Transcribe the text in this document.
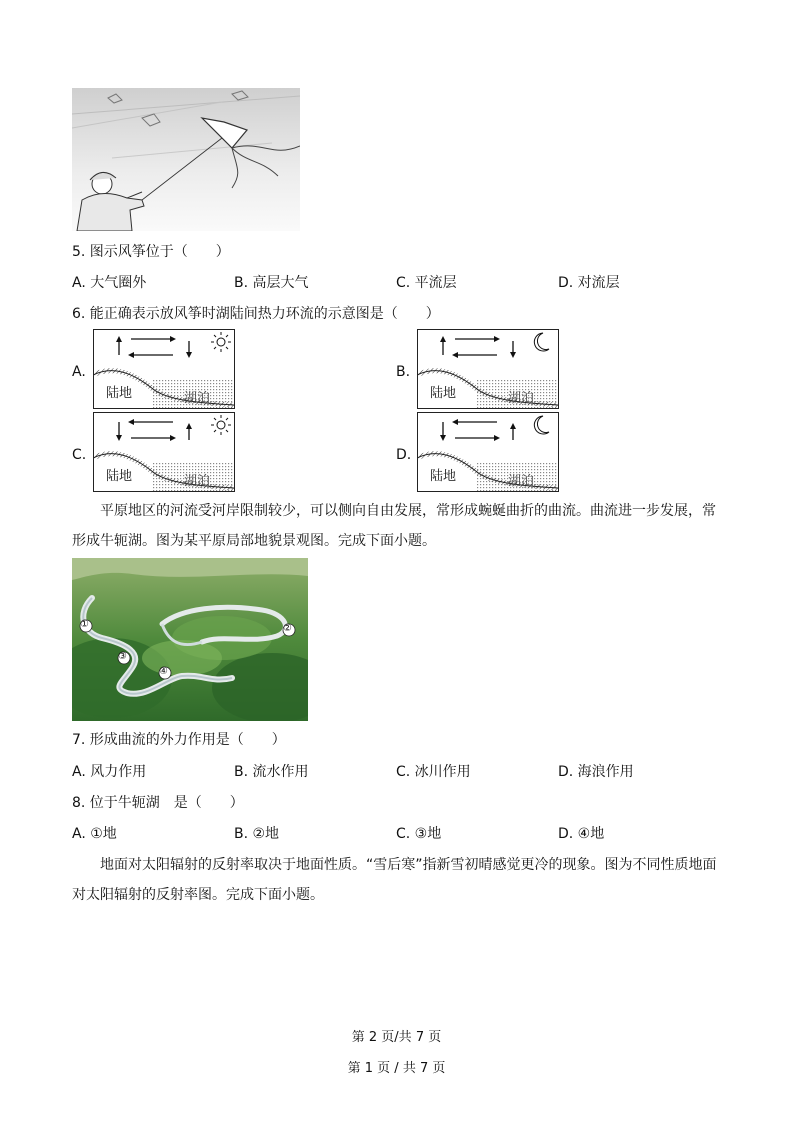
5. 图示风筝位于（　　）
A. 大气圈外	B. 高层大气	C. 平流层	D. 对流层
6. 能正确表示放风筝时湖陆间热力环流的示意图是（　　）
A.	B.
C.	D.
陆地	湖泊	陆地	湖泊
陆地	湖泊	陆地	湖泊
平原地区的河流受河岸限制较少，可以侧向自由发展，常形成蜿蜒曲折的曲流。曲流进一步发展，常形成牛轭湖。图为某平原局部地貌景观图。完成下面小题。
①	②
③
④
7. 形成曲流的外力作用是（　　）
A. 风力作用	B. 流水作用	C. 冰川作用	D. 海浪作用
8. 位于牛轭湖　是（　　）
A. ①地	B. ②地	C. ③地	D. ④地
地面对太阳辐射的反射率取决于地面性质。“雪后寒”指新雪初晴感觉更冷的现象。图为不同性质地面对太阳辐射的反射率图。完成下面小题。
第 2 页/共 7 页
第 1 页 / 共 7 页
